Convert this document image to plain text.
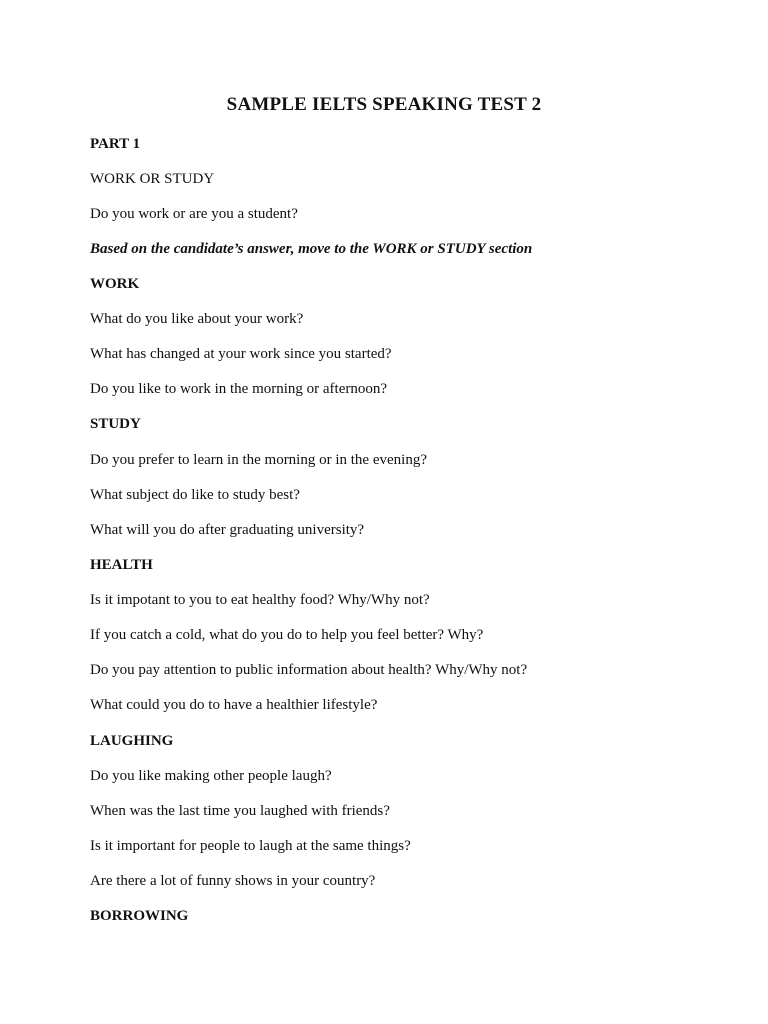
SAMPLE IELTS SPEAKING TEST 2
PART 1
WORK OR STUDY
Do you work or are you a student?
Based on the candidate’s answer, move to the WORK or STUDY section
WORK
What do you like about your work?
What has changed at your work since you started?
Do you like to work in the morning or afternoon?
STUDY
Do you prefer to learn in the morning or in the evening?
What subject do like to study best?
What will you do after graduating university?
HEALTH
Is it impotant to you to eat healthy food? Why/Why not?
If you catch a cold, what do you do to help you feel better? Why?
Do you pay attention to public information about health? Why/Why not?
What could you do to have a healthier lifestyle?
LAUGHING
Do you like making other people laugh?
When was the last time you laughed with friends?
Is it important for people to laugh at the same things?
Are there a lot of funny shows in your country?
BORROWING
